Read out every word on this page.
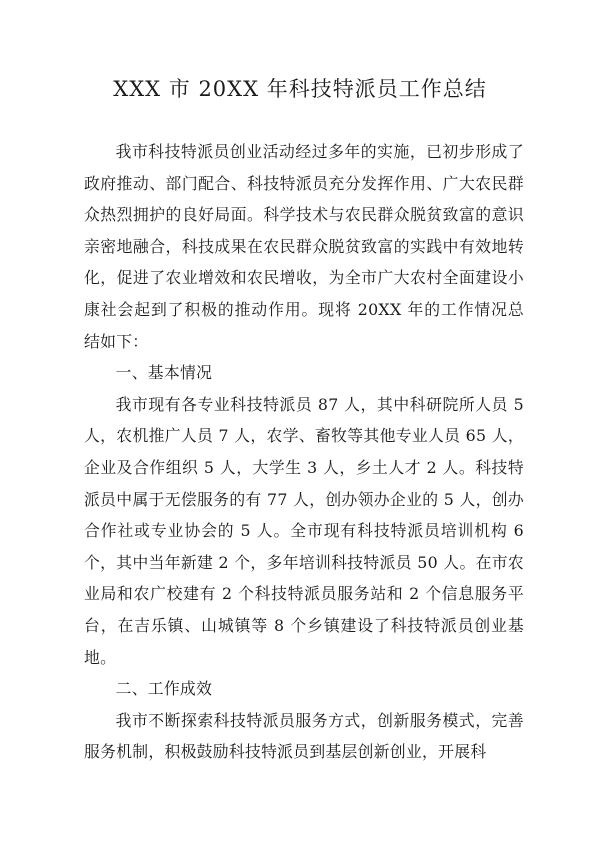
XXX 市 20XX 年科技特派员工作总结

我市科技特派员创业活动经过多年的实施，已初步形成了政府推动、部门配合、科技特派员充分发挥作用、广大农民群众热烈拥护的良好局面。科学技术与农民群众脱贫致富的意识亲密地融合，科技成果在农民群众脱贫致富的实践中有效地转化，促进了农业增效和农民增收，为全市广大农村全面建设小康社会起到了积极的推动作用。现将 20XX 年的工作情况总结如下：

一、基本情况

我市现有各专业科技特派员 87 人，其中科研院所人员 5 人，农机推广人员 7 人，农学、畜牧等其他专业人员 65 人，企业及合作组织 5 人，大学生 3 人，乡土人才 2 人。科技特派员中属于无偿服务的有 77 人，创办领办企业的 5 人，创办合作社或专业协会的 5 人。全市现有科技特派员培训机构 6 个，其中当年新建 2 个，多年培训科技特派员 50 人。在市农业局和农广校建有 2 个科技特派员服务站和 2 个信息服务平台，在吉乐镇、山城镇等 8 个乡镇建设了科技特派员创业基地。

二、工作成效

我市不断探索科技特派员服务方式，创新服务模式，完善服务机制，积极鼓励科技特派员到基层创新创业，开展科
